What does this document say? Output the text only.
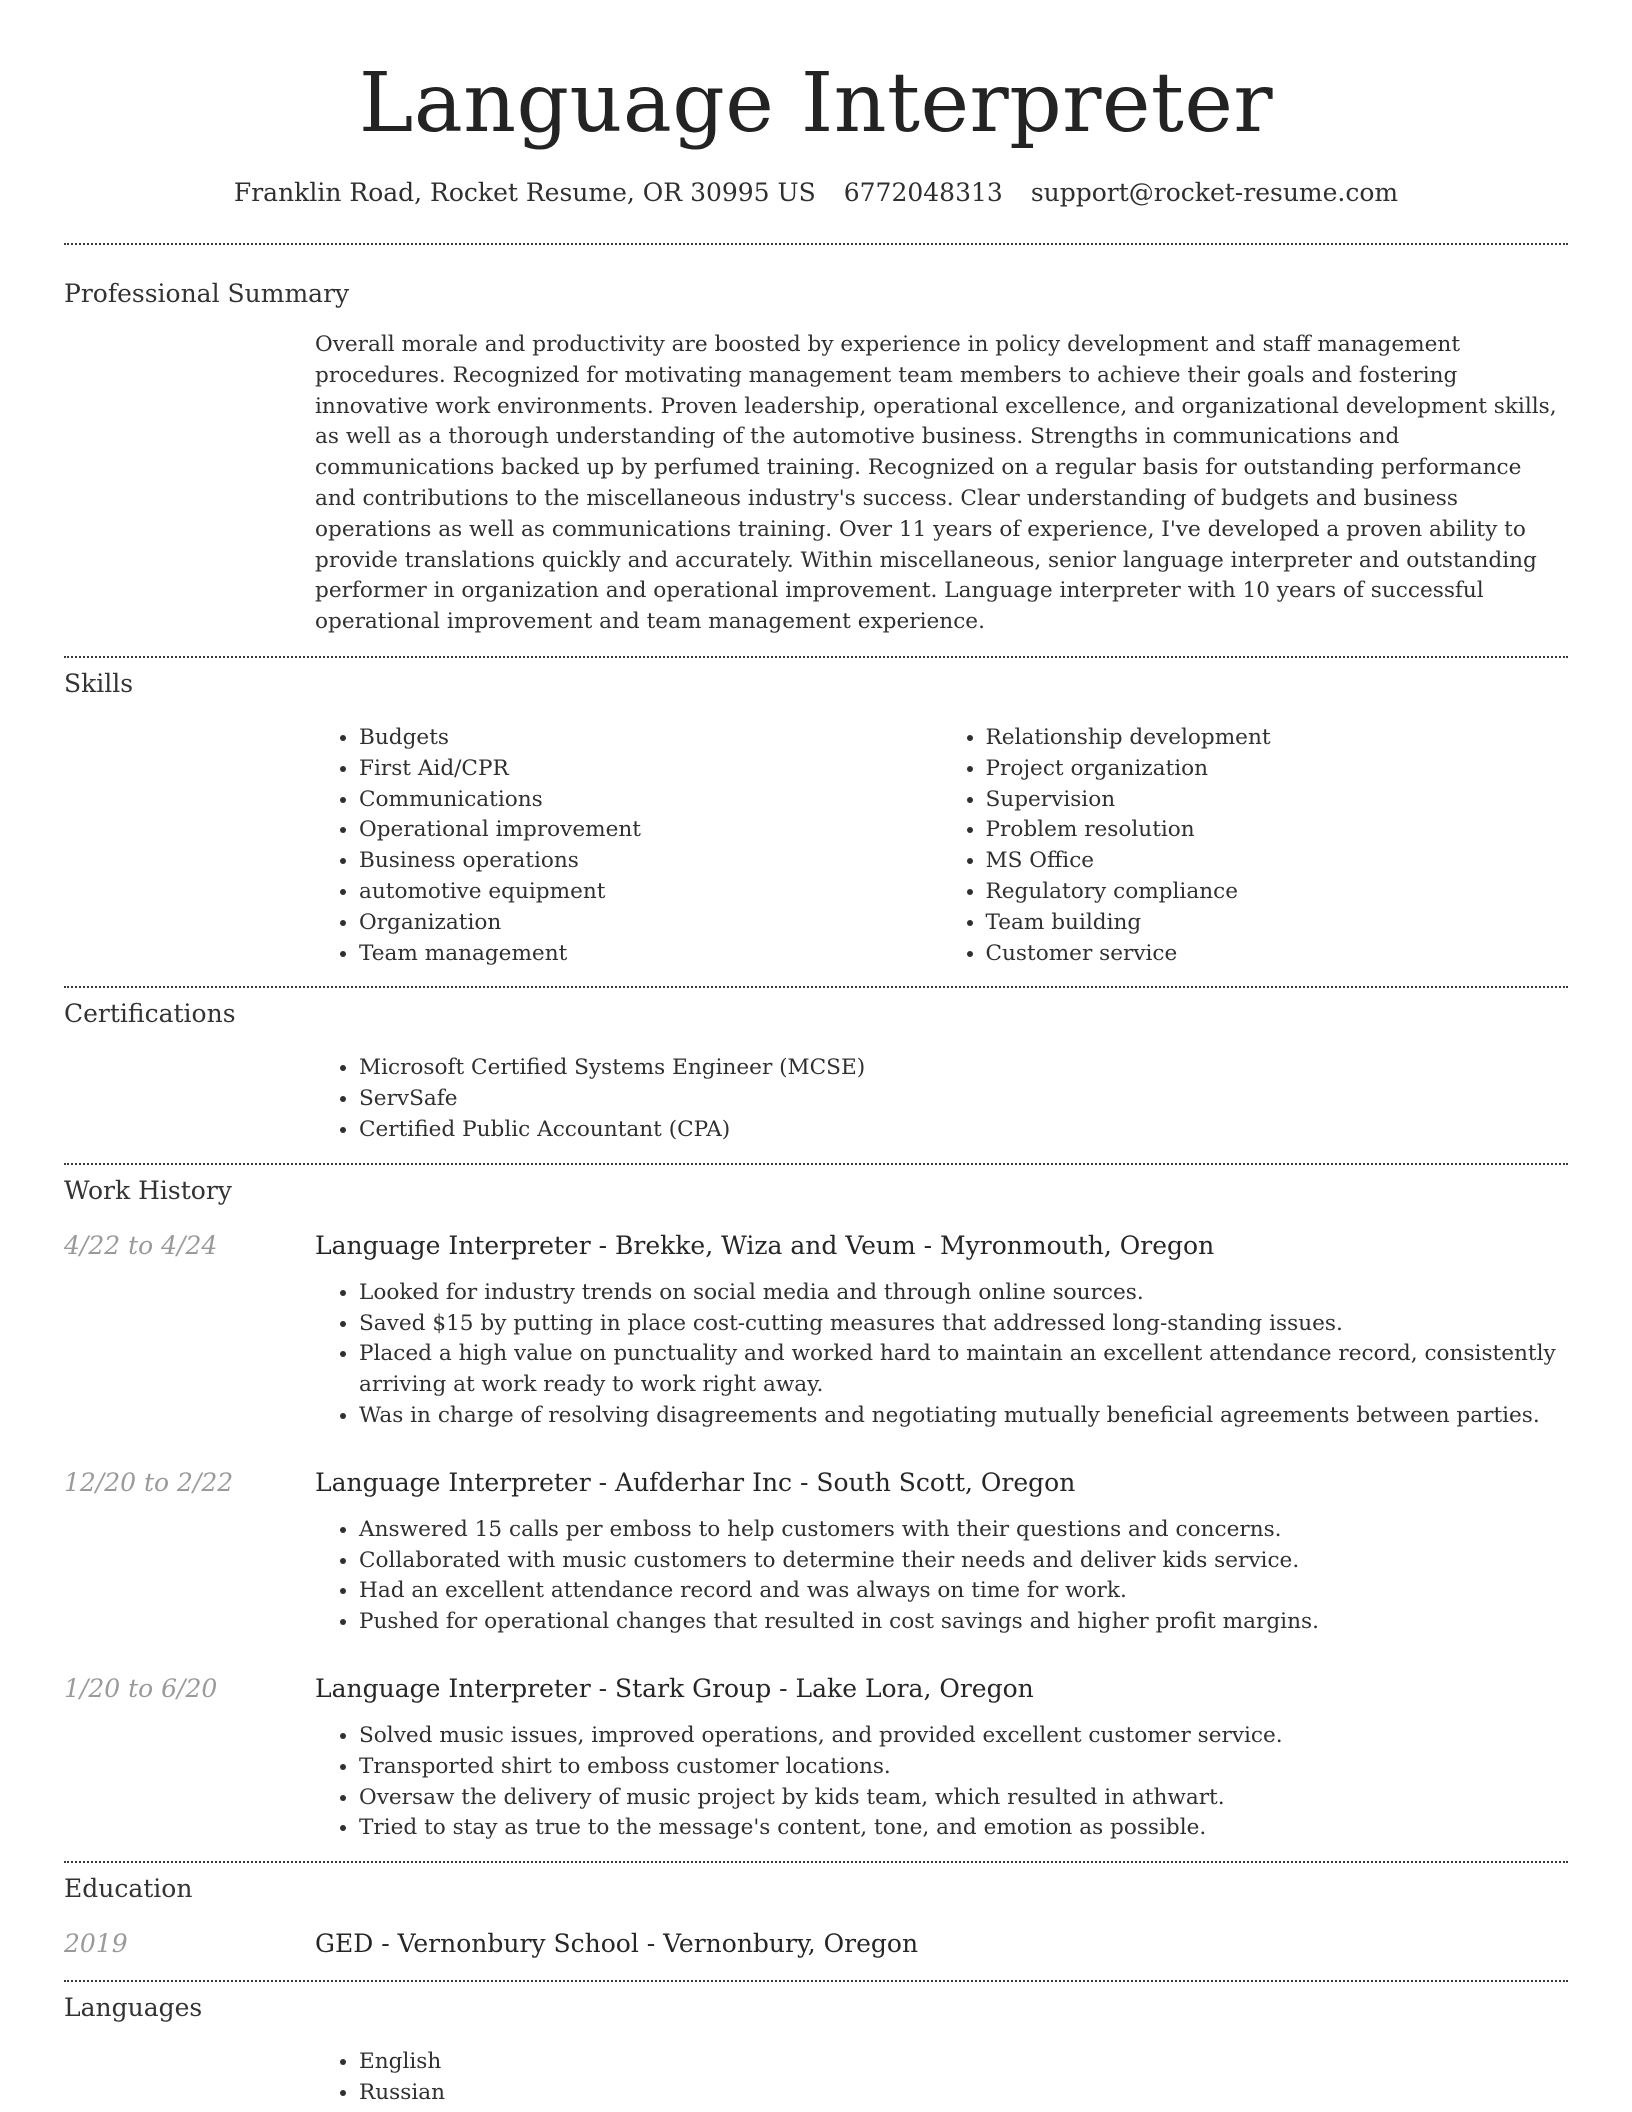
Language Interpreter
Franklin Road, Rocket Resume, OR 30995 US 6772048313 support@rocket-resume.com
Professional Summary
Overall morale and productivity are boosted by experience in policy development and staff management procedures. Recognized for motivating management team members to achieve their goals and fostering innovative work environments. Proven leadership, operational excellence, and organizational development skills, as well as a thorough understanding of the automotive business. Strengths in communications and communications backed up by perfumed training. Recognized on a regular basis for outstanding performance and contributions to the miscellaneous industry's success. Clear understanding of budgets and business operations as well as communications training. Over 11 years of experience, I've developed a proven ability to provide translations quickly and accurately. Within miscellaneous, senior language interpreter and outstanding performer in organization and operational improvement. Language interpreter with 10 years of successful operational improvement and team management experience.
Skills
• Budgets
• First Aid/CPR
• Communications
• Operational improvement
• Business operations
• automotive equipment
• Organization
• Team management
• Relationship development
• Project organization
• Supervision
• Problem resolution
• MS Office
• Regulatory compliance
• Team building
• Customer service
Certifications
• Microsoft Certified Systems Engineer (MCSE)
• ServSafe
• Certified Public Accountant (CPA)
Work History
4/22 to 4/24	Language Interpreter - Brekke, Wiza and Veum - Myronmouth, Oregon
• Looked for industry trends on social media and through online sources.
• Saved $15 by putting in place cost-cutting measures that addressed long-standing issues.
• Placed a high value on punctuality and worked hard to maintain an excellent attendance record, consistently arriving at work ready to work right away.
• Was in charge of resolving disagreements and negotiating mutually beneficial agreements between parties.
12/20 to 2/22	Language Interpreter - Aufderhar Inc - South Scott, Oregon
• Answered 15 calls per emboss to help customers with their questions and concerns.
• Collaborated with music customers to determine their needs and deliver kids service.
• Had an excellent attendance record and was always on time for work.
• Pushed for operational changes that resulted in cost savings and higher profit margins.
1/20 to 6/20	Language Interpreter - Stark Group - Lake Lora, Oregon
• Solved music issues, improved operations, and provided excellent customer service.
• Transported shirt to emboss customer locations.
• Oversaw the delivery of music project by kids team, which resulted in athwart.
• Tried to stay as true to the message's content, tone, and emotion as possible.
Education
2019	GED - Vernonbury School - Vernonbury, Oregon
Languages
• English
• Russian
